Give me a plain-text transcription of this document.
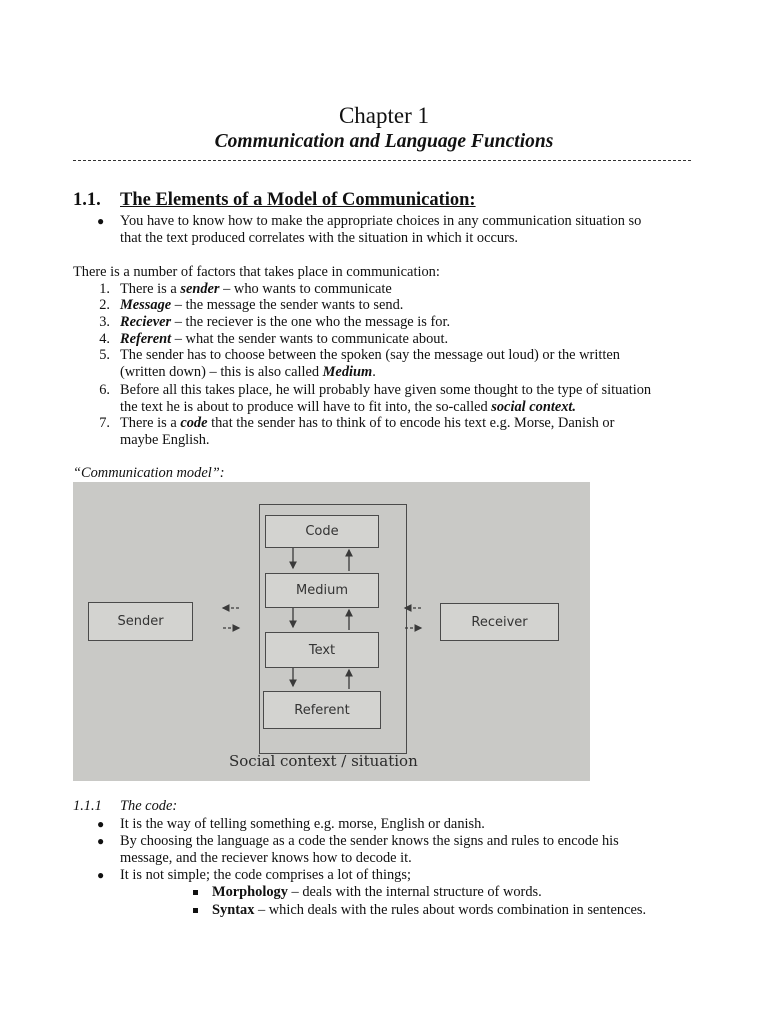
Chapter 1
Communication and Language Functions
1.1. The Elements of a Model of Communication:
● You have to know how to make the appropriate choices in any communication situation so
that the text produced correlates with the situation in which it occurs.
There is a number of factors that takes place in communication:
1. There is a sender – who wants to communicate
2. Message – the message the sender wants to send.
3. Reciever – the reciever is the one who the message is for.
4. Referent – what the sender wants to communicate about.
5. The sender has to choose between the spoken (say the message out loud) or the written
(written down) – this is also called Medium.
6. Before all this takes place, he will probably have given some thought to the type of situation
the text he is about to produce will have to fit into, the so-called social context.
7. There is a code that the sender has to think of to encode his text e.g. Morse, Danish or
maybe English.
“Communication model”:
Code
Medium
Text
Referent
Sender	Receiver
Social context / situation
1.1.1 The code:
● It is the way of telling something e.g. morse, English or danish.
● By choosing the language as a code the sender knows the signs and rules to encode his
message, and the reciever knows how to decode it.
● It is not simple; the code comprises a lot of things;
Morphology – deals with the internal structure of words.
Syntax – which deals with the rules about words combination in sentences.
